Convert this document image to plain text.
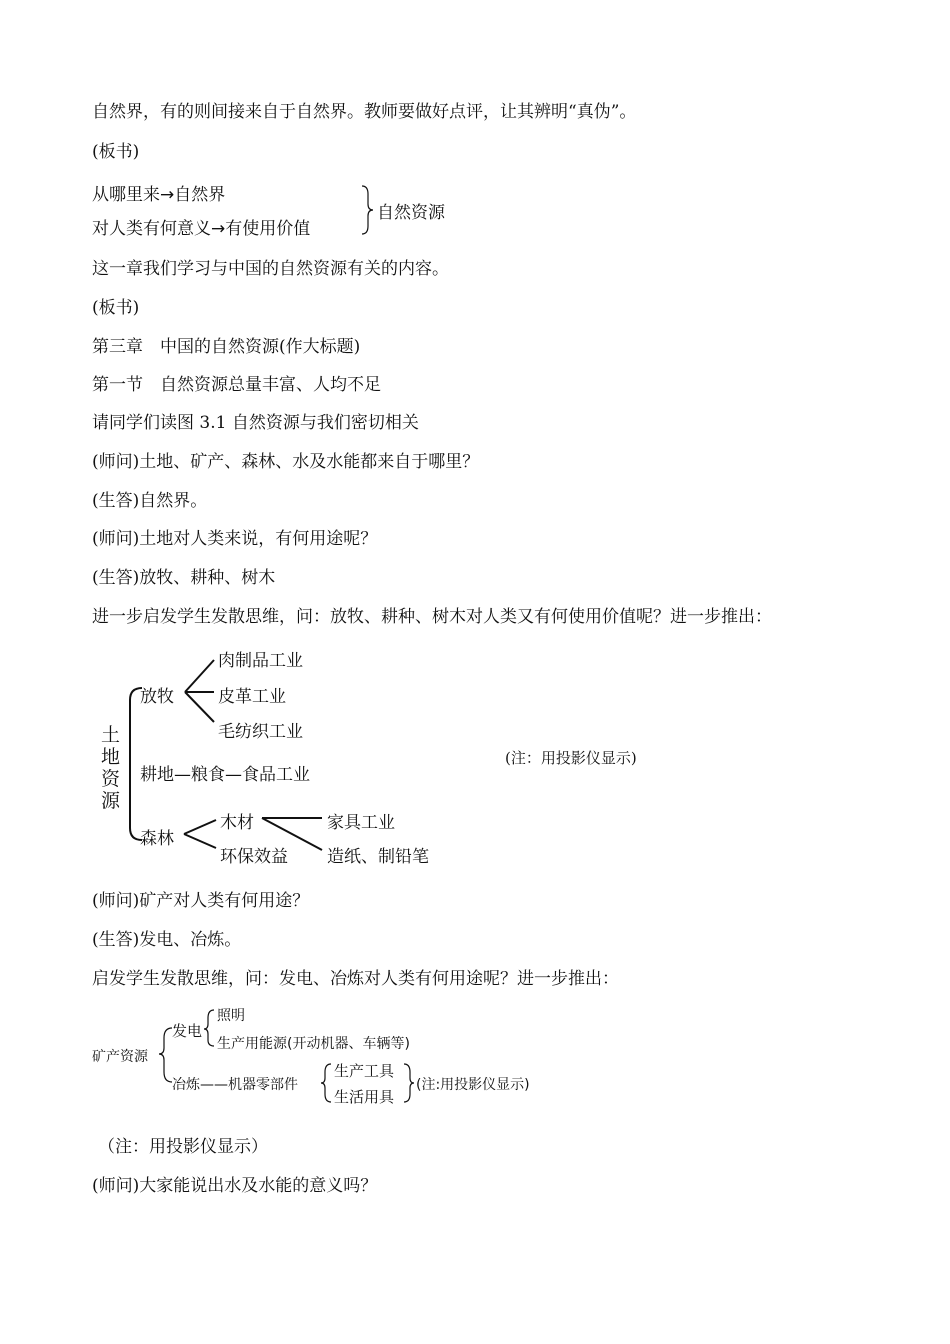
自然界，有的则间接来自于自然界。教师要做好点评，让其辨明“真伪”。
(板书)
从哪里来→自然界
对人类有何意义→有使用价值
自然资源
这一章我们学习与中国的自然资源有关的内容。
(板书)
第三章　中国的自然资源(作大标题)
第一节　自然资源总量丰富、人均不足
请同学们读图 3.1 自然资源与我们密切相关
(师问)土地、矿产、森林、水及水能都来自于哪里？
(生答)自然界。
(师问)土地对人类来说，有何用途呢？
(生答)放牧、耕种、树木
进一步启发学生发散思维，问：放牧、耕种、树木对人类又有何使用价值呢？进一步推出：
土地资源
放牧
肉制品工业
皮革工业
毛纺织工业
耕地—粮食—食品工业
森林
木材
环保效益
家具工业
造纸、制铅笔
(注：用投影仪显示)
(师问)矿产对人类有何用途？
(生答)发电、冶炼。
启发学生发散思维，问：发电、冶炼对人类有何用途呢？进一步推出：
矿产资源
发电
照明
生产用能源(开动机器、车辆等)
冶炼——机器零部件
生产工具
生活用具
(注:用投影仪显示)
（注：用投影仪显示）
(师问)大家能说出水及水能的意义吗？
